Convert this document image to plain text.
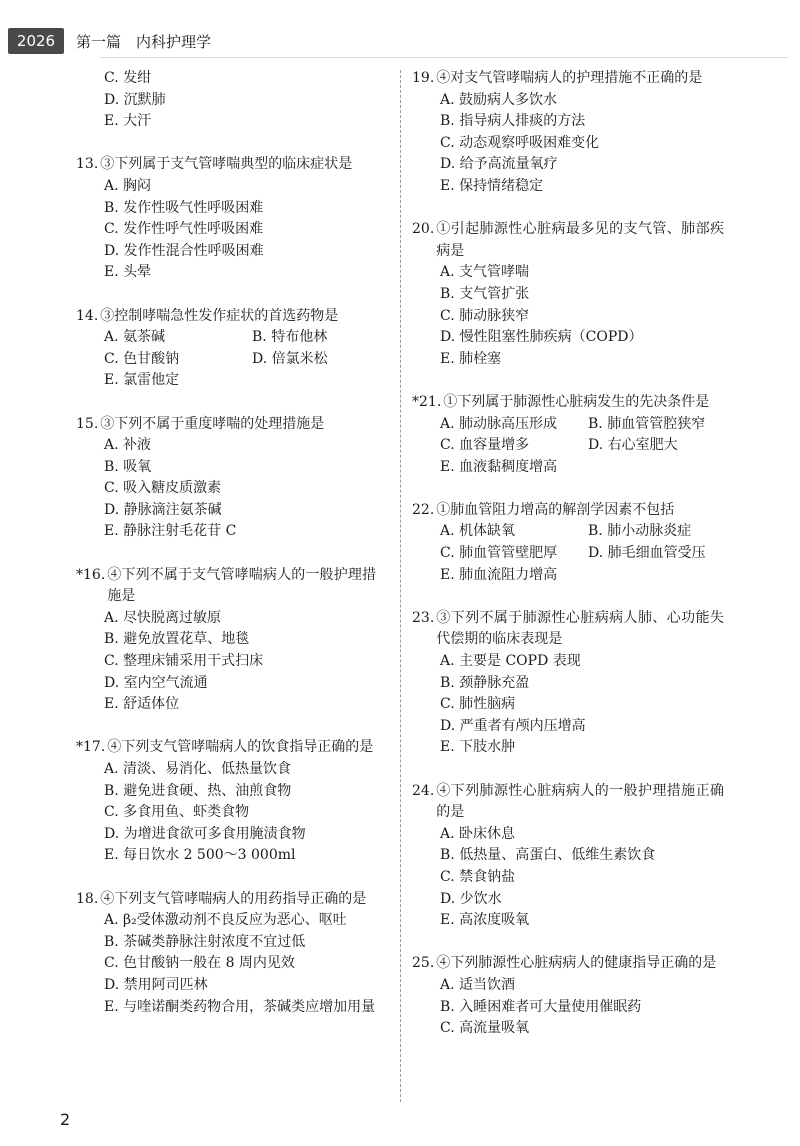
2026	第一篇　内科护理学
C. 发绀
D. 沉默肺
E. 大汗
13. ③下列属于支气管哮喘典型的临床症状是
A. 胸闷
B. 发作性吸气性呼吸困难
C. 发作性呼气性呼吸困难
D. 发作性混合性呼吸困难
E. 头晕
14. ③控制哮喘急性发作症状的首选药物是
A. 氨茶碱	B. 特布他林
C. 色甘酸钠	D. 倍氯米松
E. 氯雷他定
15. ③下列不属于重度哮喘的处理措施是
A. 补液
B. 吸氧
C. 吸入糖皮质激素
D. 静脉滴注氨茶碱
E. 静脉注射毛花苷 C
*16. ④下列不属于支气管哮喘病人的一般护理措施是
A. 尽快脱离过敏原
B. 避免放置花草、地毯
C. 整理床铺采用干式扫床
D. 室内空气流通
E. 舒适体位
*17. ④下列支气管哮喘病人的饮食指导正确的是
A. 清淡、易消化、低热量饮食
B. 避免进食硬、热、油煎食物
C. 多食用鱼、虾类食物
D. 为增进食欲可多食用腌渍食物
E. 每日饮水 2 500～3 000ml
18. ④下列支气管哮喘病人的用药指导正确的是
A. β₂受体激动剂不良反应为恶心、呕吐
B. 茶碱类静脉注射浓度不宜过低
C. 色甘酸钠一般在 8 周内见效
D. 禁用阿司匹林
E. 与喹诺酮类药物合用，茶碱类应增加用量
19. ④对支气管哮喘病人的护理措施不正确的是
A. 鼓励病人多饮水
B. 指导病人排痰的方法
C. 动态观察呼吸困难变化
D. 给予高流量氧疗
E. 保持情绪稳定
20. ①引起肺源性心脏病最多见的支气管、肺部疾病是
A. 支气管哮喘
B. 支气管扩张
C. 肺动脉狭窄
D. 慢性阻塞性肺疾病（COPD）
E. 肺栓塞
*21. ①下列属于肺源性心脏病发生的先决条件是
A. 肺动脉高压形成	B. 肺血管管腔狭窄
C. 血容量增多	D. 右心室肥大
E. 血液黏稠度增高
22. ①肺血管阻力增高的解剖学因素不包括
A. 机体缺氧	B. 肺小动脉炎症
C. 肺血管管壁肥厚	D. 肺毛细血管受压
E. 肺血流阻力增高
23. ③下列不属于肺源性心脏病病人肺、心功能失代偿期的临床表现是
A. 主要是 COPD 表现
B. 颈静脉充盈
C. 肺性脑病
D. 严重者有颅内压增高
E. 下肢水肿
24. ④下列肺源性心脏病病人的一般护理措施正确的是
A. 卧床休息
B. 低热量、高蛋白、低维生素饮食
C. 禁食钠盐
D. 少饮水
E. 高浓度吸氧
25. ④下列肺源性心脏病病人的健康指导正确的是
A. 适当饮酒
B. 入睡困难者可大量使用催眠药
C. 高流量吸氧
2
